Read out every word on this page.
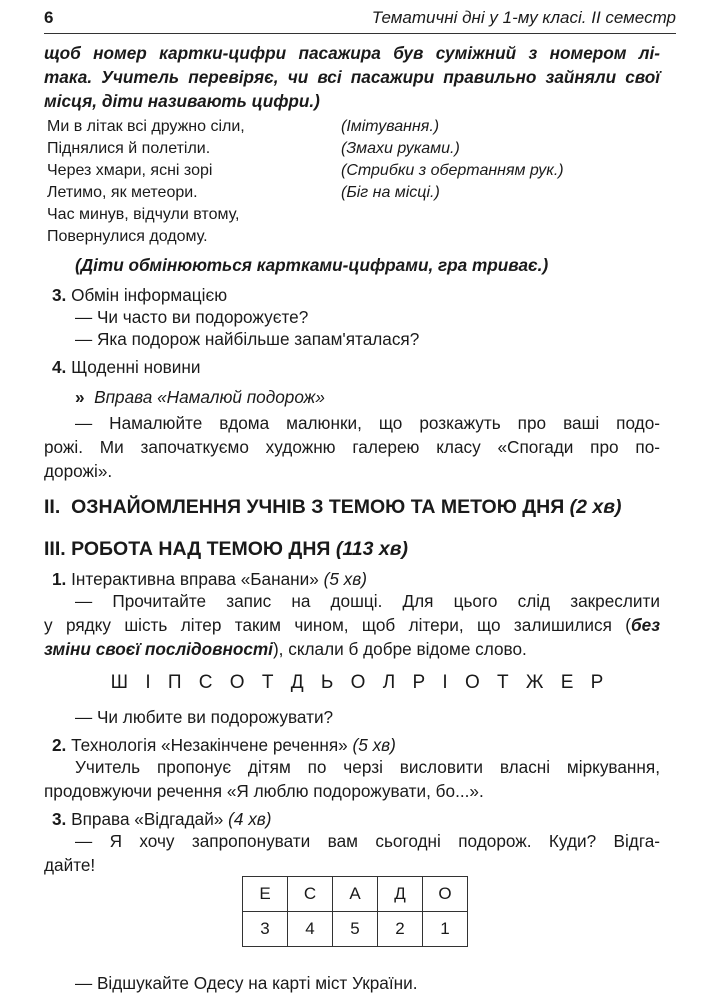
6	Тематичні дні у 1-му класі. ІІ семестр
щоб номер картки-цифри пасажира був суміжний з номером лі-
така. Учитель перевіряє, чи всі пасажири правильно зайняли свої
місця, діти називають цифри.)
Ми в літак всі дружно сіли,	(Імітування.)
Піднялися й полетіли.	(Змахи руками.)
Через хмари, ясні зорі	(Стрибки з обертанням рук.)
Летимо, як метеори.	(Біг на місці.)
Час минув, відчули втому,
Повернулися додому.
(Діти обмінюються картками-цифрами, гра триває.)
3. Обмін інформацією
— Чи часто ви подорожуєте?
— Яка подорож найбільше запам'яталася?
4. Щоденні новини
» Вправа «Намалюй подорож»
— Намалюйте вдома малюнки, що розкажуть про ваші подо-
рожі. Ми започаткуємо художню галерею класу «Спогади про по-
дорожі».
II. ОЗНАЙОМЛЕННЯ УЧНІВ З ТЕМОЮ ТА МЕТОЮ ДНЯ (2 хв)
III. РОБОТА НАД ТЕМОЮ ДНЯ (113 хв)
1. Інтерактивна вправа «Банани» (5 хв)
— Прочитайте запис на дошці. Для цього слід закреслити
у рядку шість літер таким чином, щоб літери, що залишилися (без
зміни своєї послідовності), склали б добре відоме слово.
Ш І П С О Т Д Ь О Л Р І О Т Ж Е Р
— Чи любите ви подорожувати?
2. Технологія «Незакінчене речення» (5 хв)
Учитель пропонує дітям по черзі висловити власні міркування,
продовжуючи речення «Я люблю подорожувати, бо...».
3. Вправа «Відгадай» (4 хв)
— Я хочу запропонувати вам сьогодні подорож. Куди? Відга-
дайте!
Е	С	А	Д	О
3	4	5	2	1
— Відшукайте Одесу на карті міст України.
